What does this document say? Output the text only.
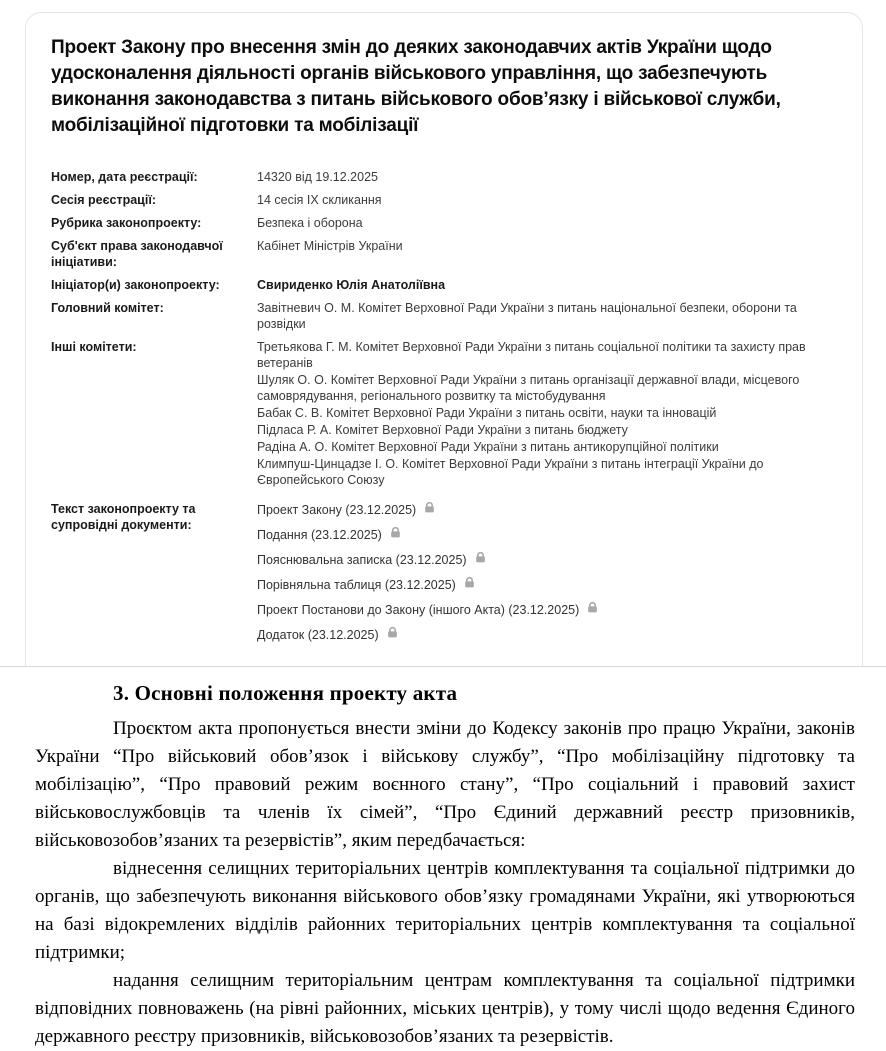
Проект Закону про внесення змін до деяких законодавчих актів України щодо удосконалення діяльності органів військового управління, що забезпечують виконання законодавства з питань військового обов’язку і військової служби, мобілізаційної підготовки та мобілізації
Номер, дата реєстрації:	14320 від 19.12.2025
Сесія реєстрації:	14 сесія IX скликання
Рубрика законопроекту:	Безпека і оборона
Суб'єкт права законодавчої ініціативи:
Кабінет Міністрів України
Ініціатор(и) законопроекту:	Свириденко Юлія Анатоліївна
Головний комітет:	Завітневич О. М. Комітет Верховної Ради України з питань національної безпеки, оборони та розвідки
Інші комітети:	Третьякова Г. М. Комітет Верховної Ради України з питань соціальної політики та захисту прав ветеранів
Шуляк О. О. Комітет Верховної Ради України з питань організації державної влади, місцевого самоврядування, регіонального розвитку та містобудування
Бабак С. В. Комітет Верховної Ради України з питань освіти, науки та інновацій
Підласа Р. А. Комітет Верховної Ради України з питань бюджету
Радіна А. О. Комітет Верховної Ради України з питань антикорупційної політики
Климпуш-Цинцадзе І. О. Комітет Верховної Ради України з питань інтеграції України до Європейського Союзу
Текст законопроекту та супровідні документи:
Проект Закону (23.12.2025)
Подання (23.12.2025)
Пояснювальна записка (23.12.2025)
Порівняльна таблиця (23.12.2025)
Проект Постанови до Закону (іншого Акта) (23.12.2025)
Додаток (23.12.2025)
3. Основні положення проекту акта

Проєктом акта пропонується внести зміни до Кодексу законів про працю України, законів України “Про військовий обов’язок і військову службу”, “Про мобілізаційну підготовку та мобілізацію”, “Про правовий режим воєнного стану”, “Про соціальний і правовий захист військовослужбовців та членів їх сімей”, “Про Єдиний державний реєстр призовників, військовозобов’язаних та резервістів”, яким передбачається:

віднесення селищних територіальних центрів комплектування та соціальної підтримки до органів, що забезпечують виконання військового обов’язку громадянами України, які утворюються на базі відокремлених відділів районних територіальних центрів комплектування та соціальної підтримки;

надання селищним територіальним центрам комплектування та соціальної підтримки відповідних повноважень (на рівні районних, міських центрів), у тому числі щодо ведення Єдиного державного реєстру призовників, військовозобов’язаних та резервістів.
